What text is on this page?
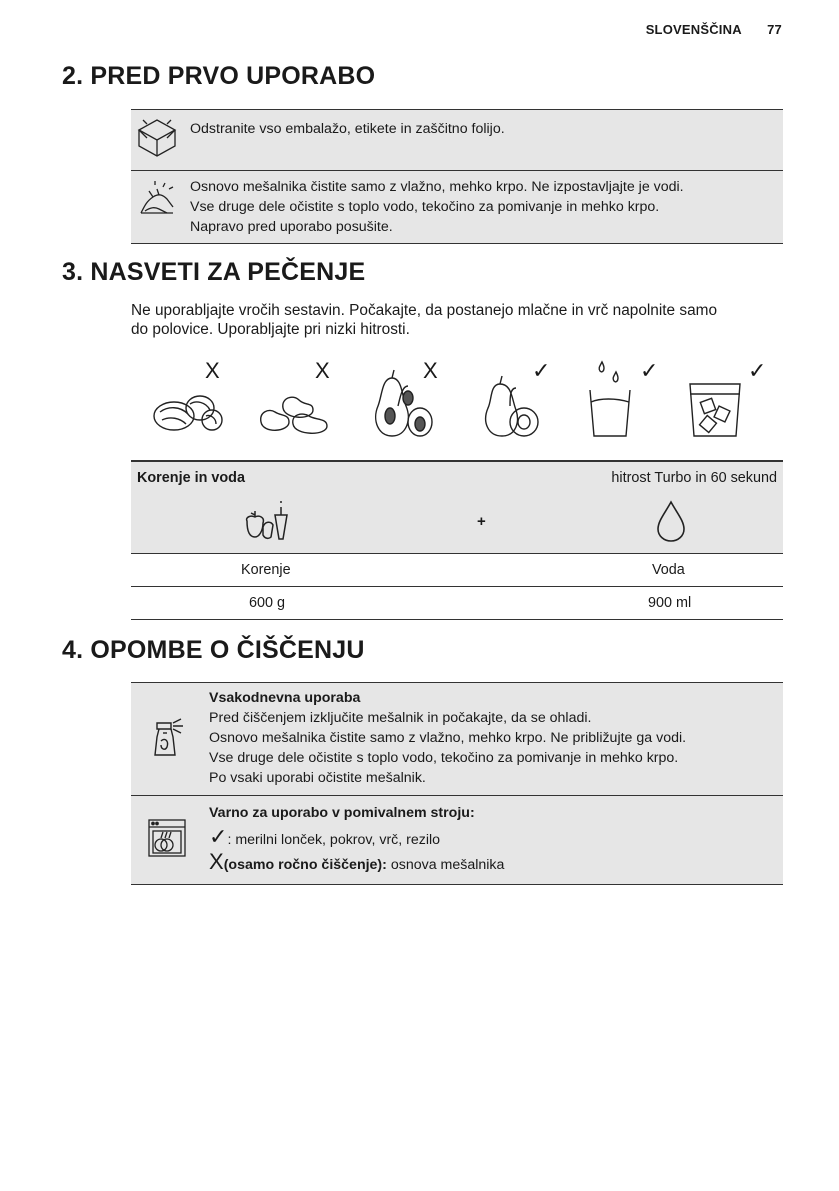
SLOVENŠČINA 77
2. PRED PRVO UPORABO
Odstranite vso embalažo, etikete in zaščitno folijo.
Osnovo mešalnika čistite samo z vlažno, mehko krpo. Ne izpostavljajte je vodi.
Vse druge dele očistite s toplo vodo, tekočino za pomivanje in mehko krpo.
Napravo pred uporabo posušite.
3. NASVETI ZA PEČENJE
Ne uporabljajte vročih sestavin. Počakajte, da postanejo mlačne in vrč napolnite samo
do polovice. Uporabljajte pri nizki hitrosti.
X	X	X	✓	✓	✓
Korenje in voda	hitrost Turbo in 60 sekund
+
Korenje	Voda
600 g	900 ml
4. OPOMBE O ČIŠČENJU
Vsakodnevna uporaba
Pred čiščenjem izključite mešalnik in počakajte, da se ohladi.
Osnovo mešalnika čistite samo z vlažno, mehko krpo. Ne približujte ga vodi.
Vse druge dele očistite s toplo vodo, tekočino za pomivanje in mehko krpo.
Po vsaki uporabi očistite mešalnik.
Varno za uporabo v pomivalnem stroju:
✓: merilni lonček, pokrov, vrč, rezilo
X(osamo ročno čiščenje): osnova mešalnika
